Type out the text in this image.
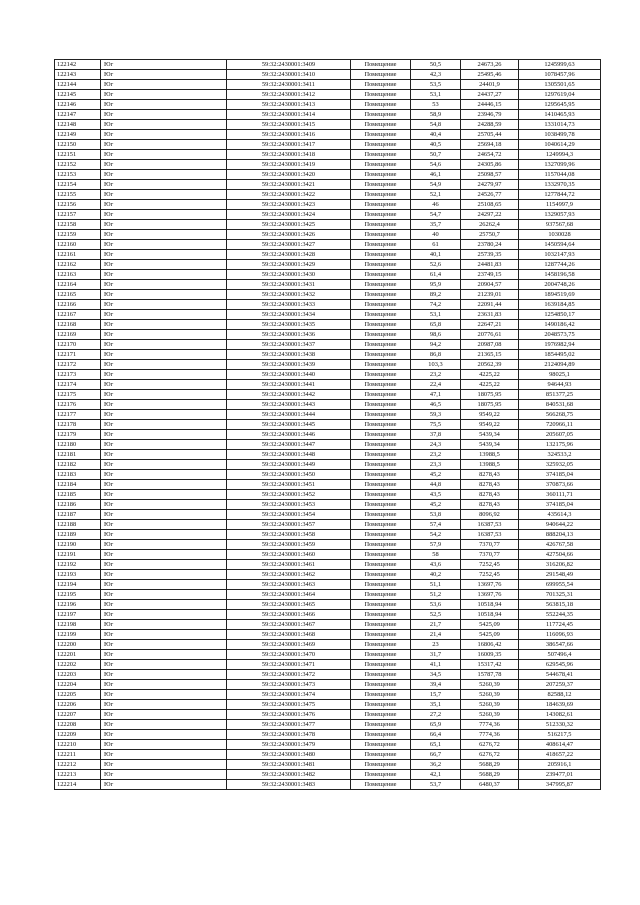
122142	Юг	59:32:2430001:3409	Помещение	50,5	24673,26	1245999,63
122143	Юг	59:32:2430001:3410	Помещение	42,3	25495,46	1078457,96
122144	Юг	59:32:2430001:3411	Помещение	53,5	24401,9	1305501,65
122145	Юг	59:32:2430001:3412	Помещение	53,1	24437,27	1297619,04
122146	Юг	59:32:2430001:3413	Помещение	53	24446,15	1295645,95
122147	Юг	59:32:2430001:3414	Помещение	58,9	23946,79	1410465,93
122148	Юг	59:32:2430001:3415	Помещение	54,8	24288,59	1331014,73
122149	Юг	59:32:2430001:3416	Помещение	40,4	25705,44	1038499,78
122150	Юг	59:32:2430001:3417	Помещение	40,5	25694,18	1040614,29
122151	Юг	59:32:2430001:3418	Помещение	50,7	24654,72	1249994,3
122152	Юг	59:32:2430001:3419	Помещение	54,6	24305,86	1327099,96
122153	Юг	59:32:2430001:3420	Помещение	46,1	25098,57	1157044,08
122154	Юг	59:32:2430001:3421	Помещение	54,9	24279,97	1332970,35
122155	Юг	59:32:2430001:3422	Помещение	52,1	24526,77	1277844,72
122156	Юг	59:32:2430001:3423	Помещение	46	25108,65	1154997,9
122157	Юг	59:32:2430001:3424	Помещение	54,7	24297,22	1329057,93
122158	Юг	59:32:2430001:3425	Помещение	35,7	26262,4	937567,68
122159	Юг	59:32:2430001:3426	Помещение	40	25750,7	1030028
122160	Юг	59:32:2430001:3427	Помещение	61	23780,24	1450594,64
122161	Юг	59:32:2430001:3428	Помещение	40,1	25739,35	1032147,93
122162	Юг	59:32:2430001:3429	Помещение	52,6	24481,83	1287744,26
122163	Юг	59:32:2430001:3430	Помещение	61,4	23749,15	1458196,58
122164	Юг	59:32:2430001:3431	Помещение	95,9	20904,57	2004748,26
122165	Юг	59:32:2430001:3432	Помещение	89,2	21239,01	1894519,69
122166	Юг	59:32:2430001:3433	Помещение	74,2	22091,44	1639184,85
122167	Юг	59:32:2430001:3434	Помещение	53,1	23631,83	1254850,17
122168	Юг	59:32:2430001:3435	Помещение	65,8	22647,21	1490186,42
122169	Юг	59:32:2430001:3436	Помещение	98,6	20776,61	2048573,75
122170	Юг	59:32:2430001:3437	Помещение	94,2	20987,08	1976982,94
122171	Юг	59:32:2430001:3438	Помещение	86,8	21365,15	1854495,02
122172	Юг	59:32:2430001:3439	Помещение	103,3	20562,39	2124094,89
122173	Юг	59:32:2430001:3440	Помещение	23,2	4225,22	98025,1
122174	Юг	59:32:2430001:3441	Помещение	22,4	4225,22	94644,93
122175	Юг	59:32:2430001:3442	Помещение	47,1	18075,95	851377,25
122176	Юг	59:32:2430001:3443	Помещение	46,5	18075,95	840531,68
122177	Юг	59:32:2430001:3444	Помещение	59,3	9549,22	566268,75
122178	Юг	59:32:2430001:3445	Помещение	75,5	9549,22	720966,11
122179	Юг	59:32:2430001:3446	Помещение	37,8	5439,34	205607,05
122180	Юг	59:32:2430001:3447	Помещение	24,3	5439,34	132175,96
122181	Юг	59:32:2430001:3448	Помещение	23,2	13988,5	324533,2
122182	Юг	59:32:2430001:3449	Помещение	23,3	13988,5	325932,05
122183	Юг	59:32:2430001:3450	Помещение	45,2	8278,43	374185,04
122184	Юг	59:32:2430001:3451	Помещение	44,8	8278,43	370873,66
122185	Юг	59:32:2430001:3452	Помещение	43,5	8278,43	360111,71
122186	Юг	59:32:2430001:3453	Помещение	45,2	8278,43	374185,04
122187	Юг	59:32:2430001:3454	Помещение	53,8	8096,92	435614,3
122188	Юг	59:32:2430001:3457	Помещение	57,4	16387,53	940644,22
122189	Юг	59:32:2430001:3458	Помещение	54,2	16387,53	888204,13
122190	Юг	59:32:2430001:3459	Помещение	57,9	7370,77	426767,58
122191	Юг	59:32:2430001:3460	Помещение	58	7370,77	427504,66
122192	Юг	59:32:2430001:3461	Помещение	43,6	7252,45	316206,82
122193	Юг	59:32:2430001:3462	Помещение	40,2	7252,45	291548,49
122194	Юг	59:32:2430001:3463	Помещение	51,1	13697,76	699955,54
122195	Юг	59:32:2430001:3464	Помещение	51,2	13697,76	701325,31
122196	Юг	59:32:2430001:3465	Помещение	53,6	10518,94	563815,18
122197	Юг	59:32:2430001:3466	Помещение	52,5	10518,94	552244,35
122198	Юг	59:32:2430001:3467	Помещение	21,7	5425,09	117724,45
122199	Юг	59:32:2430001:3468	Помещение	21,4	5425,09	116096,93
122200	Юг	59:32:2430001:3469	Помещение	23	16806,42	386547,66
122201	Юг	59:32:2430001:3470	Помещение	31,7	16009,35	507496,4
122202	Юг	59:32:2430001:3471	Помещение	41,1	15317,42	629545,96
122203	Юг	59:32:2430001:3472	Помещение	34,5	15787,78	544678,41
122204	Юг	59:32:2430001:3473	Помещение	39,4	5260,39	207259,37
122205	Юг	59:32:2430001:3474	Помещение	15,7	5260,39	82588,12
122206	Юг	59:32:2430001:3475	Помещение	35,1	5260,39	184639,69
122207	Юг	59:32:2430001:3476	Помещение	27,2	5260,39	143082,61
122208	Юг	59:32:2430001:3477	Помещение	65,9	7774,36	512330,32
122209	Юг	59:32:2430001:3478	Помещение	66,4	7774,36	516217,5
122210	Юг	59:32:2430001:3479	Помещение	65,1	6276,72	408614,47
122211	Юг	59:32:2430001:3480	Помещение	66,7	6276,72	418657,22
122212	Юг	59:32:2430001:3481	Помещение	36,2	5688,29	205916,1
122213	Юг	59:32:2430001:3482	Помещение	42,1	5688,29	239477,01
122214	Юг	59:32:2430001:3483	Помещение	53,7	6480,37	347995,87
